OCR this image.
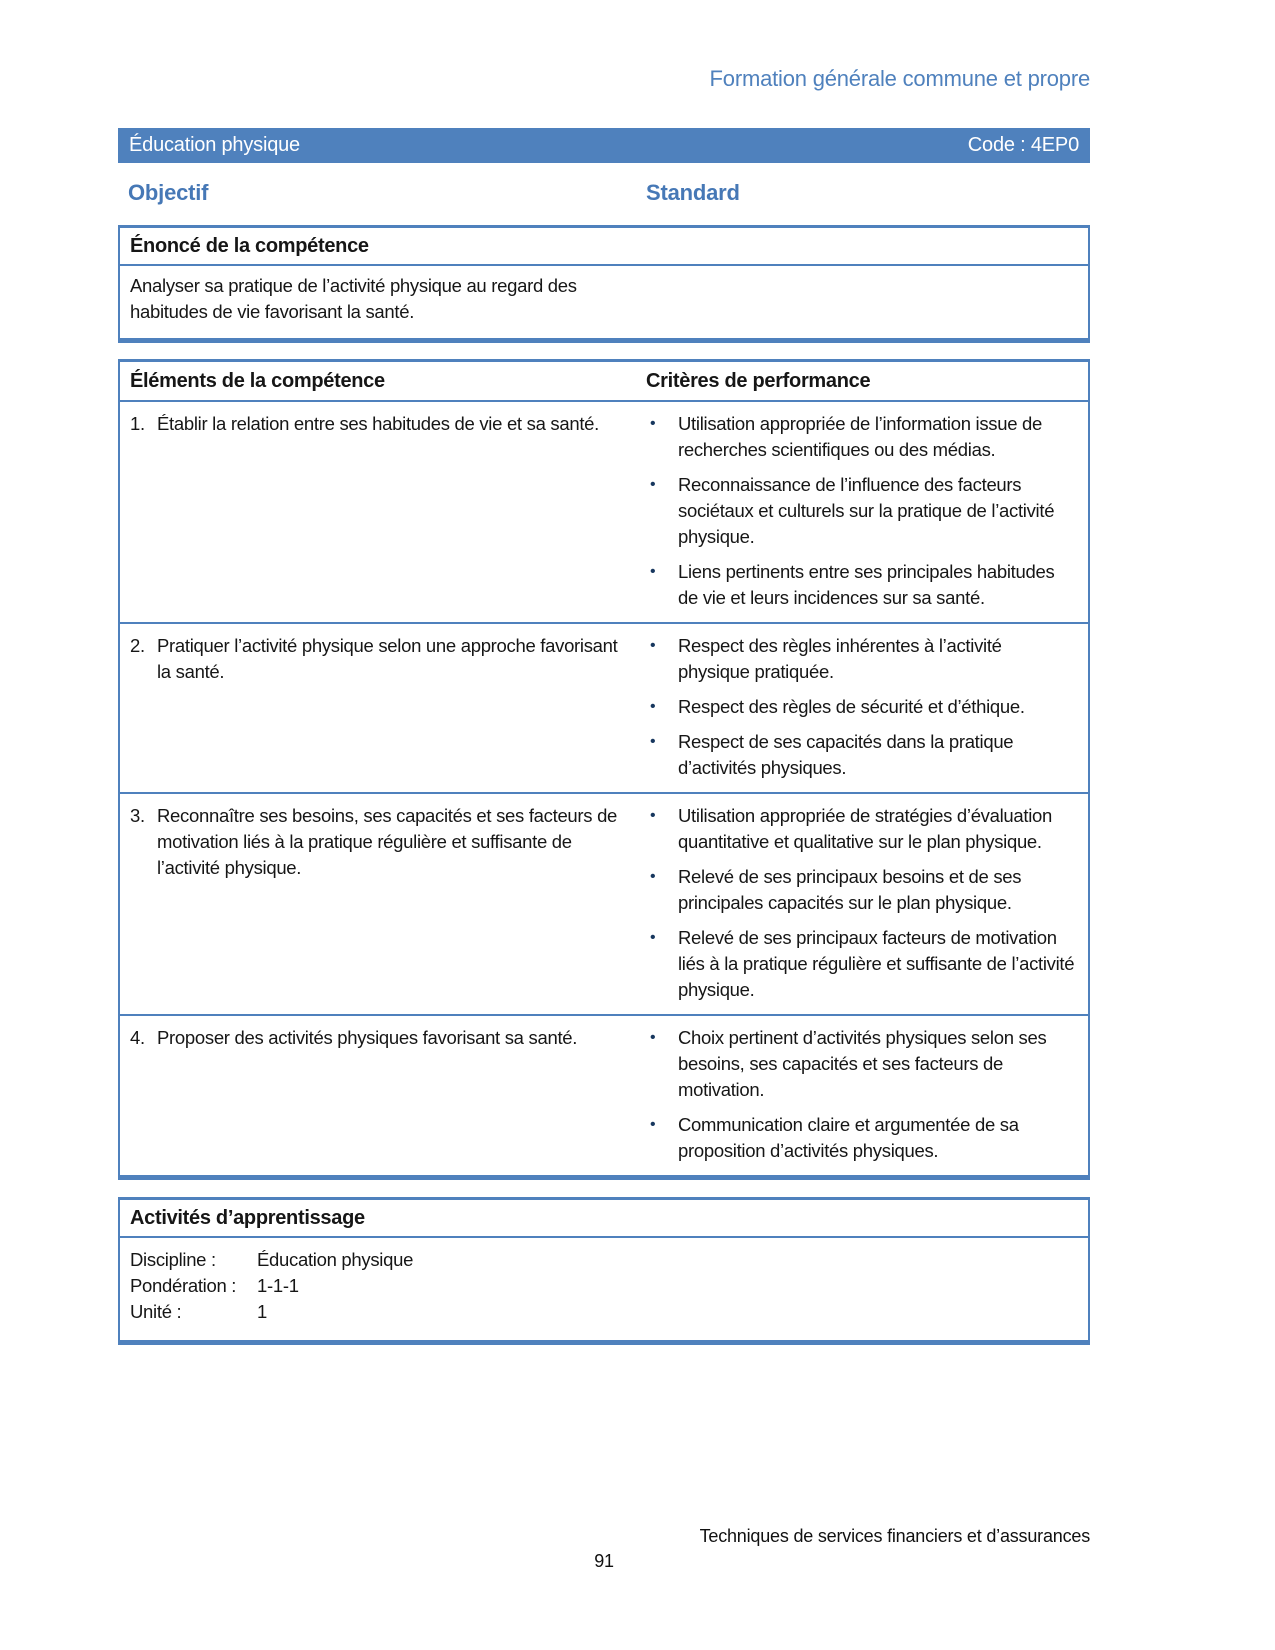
Formation générale commune et propre
Éducation physique	Code : 4EP0
Objectif	Standard
Énoncé de la compétence

Analyser sa pratique de l’activité physique au regard des habitudes de vie favorisant la santé.

Éléments de la compétence	Critères de performance
1. Établir la relation entre ses habitudes de vie et sa santé.	•	Utilisation appropriée de l’information issue de recherches scientifiques ou des médias.
•	Reconnaissance de l’influence des facteurs sociétaux et culturels sur la pratique de l’activité physique.
•	Liens pertinents entre ses principales habitudes de vie et leurs incidences sur sa santé.
2. Pratiquer l’activité physique selon une approche favorisant la santé.
•	Respect des règles inhérentes à l’activité physique pratiquée.
•	Respect des règles de sécurité et d’éthique.
•	Respect de ses capacités dans la pratique d’activités physiques.
3. Reconnaître ses besoins, ses capacités et ses facteurs de motivation liés à la pratique régulière et suffisante de l’activité physique.
•	Utilisation appropriée de stratégies d’évaluation quantitative et qualitative sur le plan physique.
•	Relevé de ses principaux besoins et de ses principales capacités sur le plan physique.
•	Relevé de ses principaux facteurs de motivation liés à la pratique régulière et suffisante de l’activité physique.
4. Proposer des activités physiques favorisant sa santé.	•	Choix pertinent d’activités physiques selon ses besoins, ses capacités et ses facteurs de motivation.
•	Communication claire et argumentée de sa proposition d’activités physiques.
Activités d’apprentissage
Discipline :	Éducation physique
Pondération :	1-1-1
Unité :	1
Techniques de services financiers et d’assurances
91
